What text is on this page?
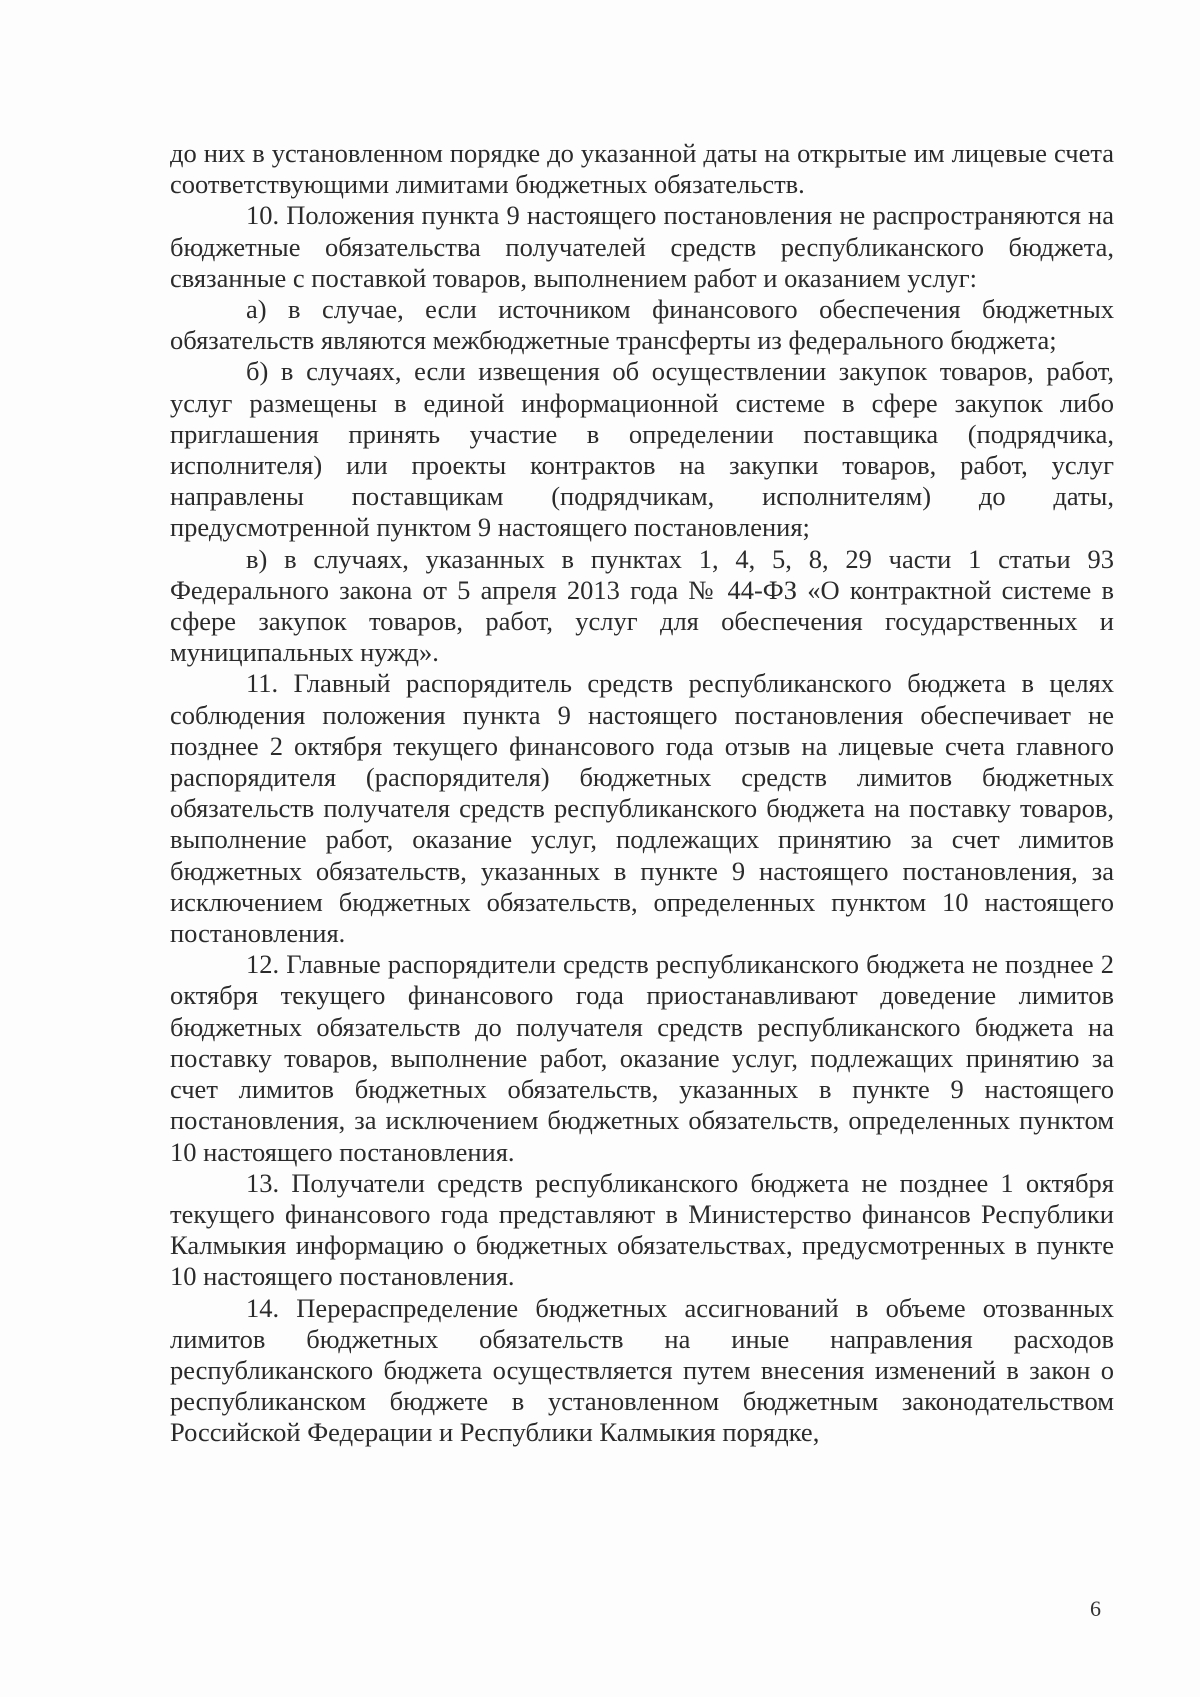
до них в установленном порядке до указанной даты на открытые им лицевые счета соответствующими лимитами бюджетных обязательств.

10. Положения пункта 9 настоящего постановления не распространяются на бюджетные обязательства получателей средств республиканского бюджета, связанные с поставкой товаров, выполнением работ и оказанием услуг:

а) в случае, если источником финансового обеспечения бюджетных обязательств являются межбюджетные трансферты из федерального бюджета;

б) в случаях, если извещения об осуществлении закупок товаров, работ, услуг размещены в единой информационной системе в сфере закупок либо приглашения принять участие в определении поставщика (подрядчика, исполнителя) или проекты контрактов на закупки товаров, работ, услуг направлены поставщикам (подрядчикам, исполнителям) до даты, предусмотренной пунктом 9 настоящего постановления;

в) в случаях, указанных в пунктах 1, 4, 5, 8, 29 части 1 статьи 93 Федерального закона от 5 апреля 2013 года № 44-ФЗ «О контрактной системе в сфере закупок товаров, работ, услуг для обеспечения государственных и муниципальных нужд».

11. Главный распорядитель средств республиканского бюджета в целях соблюдения положения пункта 9 настоящего постановления обеспечивает не позднее 2 октября текущего финансового года отзыв на лицевые счета главного распорядителя (распорядителя) бюджетных средств лимитов бюджетных обязательств получателя средств республиканского бюджета на поставку товаров, выполнение работ, оказание услуг, подлежащих принятию за счет лимитов бюджетных обязательств, указанных в пункте 9 настоящего постановления, за исключением бюджетных обязательств, определенных пунктом 10 настоящего постановления.

12. Главные распорядители средств республиканского бюджета не позднее 2 октября текущего финансового года приостанавливают доведение лимитов бюджетных обязательств до получателя средств республиканского бюджета на поставку товаров, выполнение работ, оказание услуг, подлежащих принятию за счет лимитов бюджетных обязательств, указанных в пункте 9 настоящего постановления, за исключением бюджетных обязательств, определенных пунктом 10 настоящего постановления.

13. Получатели средств республиканского бюджета не позднее 1 октября текущего финансового года представляют в Министерство финансов Республики Калмыкия информацию о бюджетных обязательствах, предусмотренных в пункте 10 настоящего постановления.

14. Перераспределение бюджетных ассигнований в объеме отозванных лимитов бюджетных обязательств на иные направления расходов республиканского бюджета осуществляется путем внесения изменений в закон о республиканском бюджете в установленном бюджетным законодательством Российской Федерации и Республики Калмыкия порядке,

6
